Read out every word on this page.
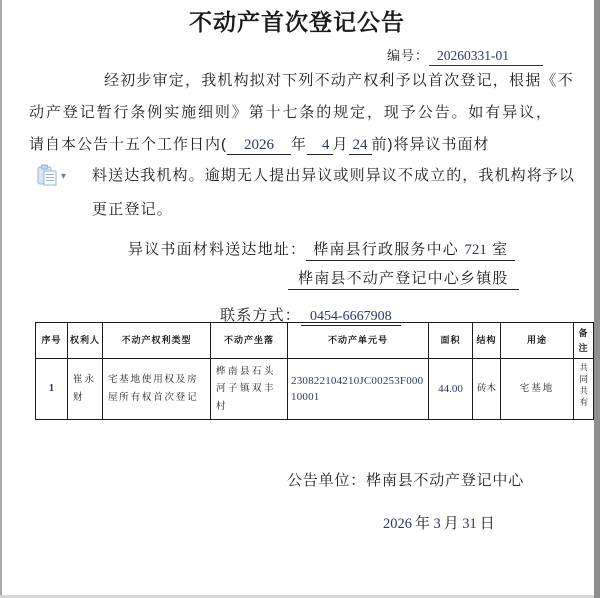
不动产首次登记公告
编号： 20260331-01
经初步审定，我机构拟对下列不动产权利予以首次登记，根据《不
动产登记暂行条例实施细则》第十七条的规定，现予公告。如有异议，
请自本公告十五个工作日内( 2026 年 4 月 24 前)将异议书面材
料送达我机构。逾期无人提出异议或则异议不成立的，我机构将予以
更正登记。
▾
异议书面材料送达地址： 桦南县行政服务中心 721 室
桦南县不动产登记中心乡镇股
联系方式： 0454-6667908
序号	权利人	不动产权利类型	不动产坐落	不动产单元号	面积	结构	用途	备注
1	崔永财	宅基地使用权及房屋所有权首次登记	桦南县石头河子镇双丰村	230822104210JC00253F00010001	44.00	砖木	宅基地	共同共有
公告单位：桦南县不动产登记中心
2026 年 3 月 31 日
